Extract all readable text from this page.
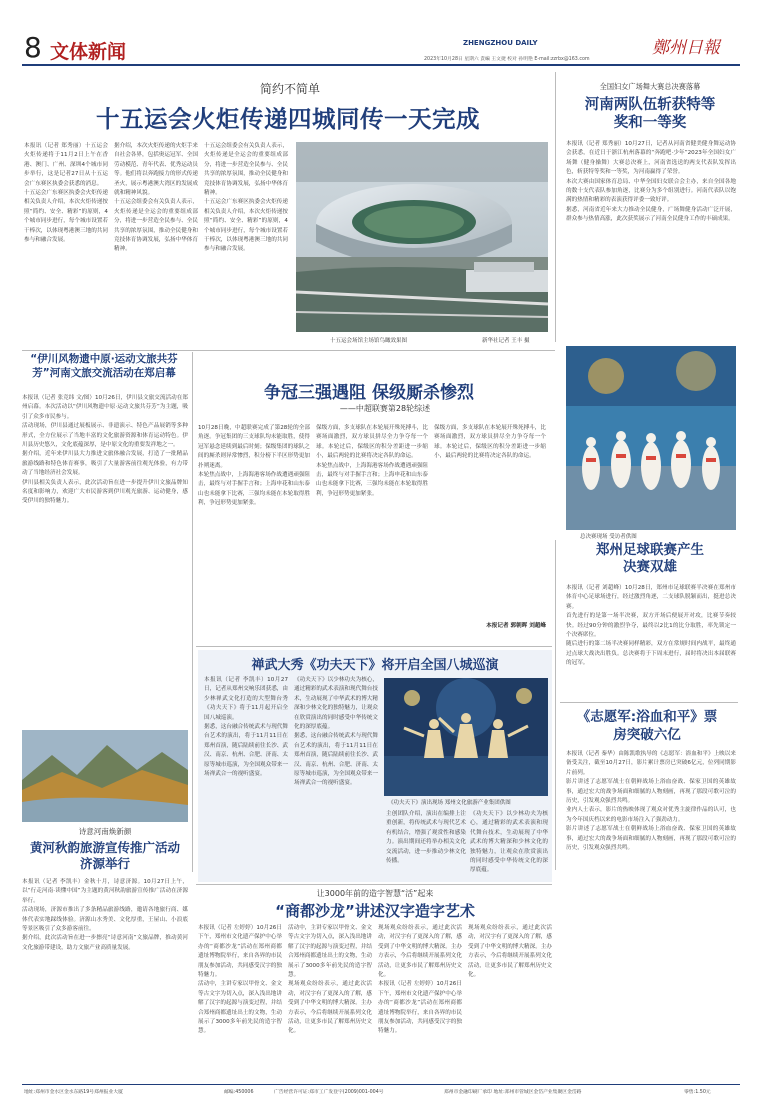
8 文体新闻	ZHENGZHOU DAILY	鄭州日報
2023年10月28日 星期六 責編 王文捷 校对 孙明艳 E-mail:zzrbx@163.com
简约不简单
十五运会火炬传递四城同传一天完成

本报讯（记者 郑秀丽）十五运会火炬传递将于11月2日上午在香港、澳门、广州、深圳4个城市同步举行，这是记者27日从十五运会广东赛区执委会获悉的消息。

十五运会广东赛区执委会火炬传递相关负责人介绍，本次火炬传递按照“简约、安全、精彩”的原则，4个城市同步进行，每个城市设置若干棒次，以体现粤港澳三地的共同参与和融合发展。

据介绍，本次火炬传递的火炬手来自社会各界，包括奥运冠军、全国劳动模范、青年代表、优秀运动员等。他们将以奔跑接力的形式传递圣火，展示粤港澳大湾区的发展成就和精神风貌。

十五运会组委会有关负责人表示，火炬传递是全运会的重要组成部分，将进一步营造全民参与、全民共享的浓厚氛围，推动全民健身和竞技体育协调发展，弘扬中华体育精神。

十五运会组委会有关负责人表示，火炬传递是全运会的重要组成部分，将进一步营造全民参与、全民共享的浓厚氛围，推动全民健身和竞技体育协调发展，弘扬中华体育精神。

十五运会广东赛区执委会火炬传递相关负责人介绍，本次火炬传递按照“简约、安全、精彩”的原则，4个城市同步进行，每个城市设置若干棒次，以体现粤港澳三地的共同参与和融合发展。

十五运会场馆主场馆鸟瞰效果图	新华社记者 王丰 摄
全国妇女广场舞大赛总决赛落幕
河南两队伍斩获特等奖和一等奖

本报讯（记者 郑秀丽）10月27日，记者从河南省健美健身舞运动协会获悉，在近日于浙江杭州落幕的“奔跑吧·少年”2023年全国妇女广场舞（健身操舞）大赛总决赛上，河南省选送的两支代表队发挥出色，斩获特等奖和一等奖，为河南赢得了荣誉。

本次大赛由国家体育总局、中华全国妇女联合会主办，来自全国各地的数十支代表队参加角逐，比赛分为多个组别进行。河南代表队以饱满的热情和精彩的表演获得评委一致好评。

据悉，河南省近年来大力推动全民健身，广场舞健身活动广泛开展，群众参与热情高涨，此次获奖展示了河南全民健身工作的丰硕成果。

总决赛现场 受访者供图
“伊川风物遗中原·运动文旅共芬芳”河南文旅交流活动在郑启幕

本报讯（记者 张竞纬 文/图）10月26日，伊川县文旅交流活动在郑州启幕。本次活动以“伊川风物遗中原·运动文旅共芬芳”为主题，吸引了众多市民参与。

活动现场，伊川县通过展板展示、非遗演示、特色产品展销等多种形式，全方位展示了当地丰富的文化旅游资源和体育运动特色。伊川县历史悠久，文化底蕴深厚，是中原文化的重要发祥地之一。

据介绍，近年来伊川县大力推进文旅体融合发展，打造了一批精品旅游线路和特色体育赛事，吸引了大量游客前往观光体验，有力带动了当地经济社会发展。

伊川县相关负责人表示，此次活动旨在进一步提升伊川文旅品牌知名度和影响力，欢迎广大市民游客到伊川观光旅游、运动健身，感受伊川的独特魅力。

争冠三强遇阻 保级厮杀惨烈
——中超联赛第28轮综述

10月28日晚，中超联赛完成了第28轮的全部角逐。争冠集团的三支球队均未能取胜，使得冠军悬念延续到最后时刻；保级集团的球队之间的厮杀则异常惨烈，积分榜下半区形势更加扑朔迷离。

本轮焦点战中，上海海港客场作战遭遇顽强阻击，最终与对手握手言和；上海申花和山东泰山也未能拿下比赛，三强均未能在本轮取得胜利，争冠形势更加紧张。

保级方面，多支球队在本轮展开殊死搏斗，比赛场面激烈，双方球员拼尽全力争夺每一个球。本轮过后，保级区的积分差距进一步缩小，最后两轮的比赛将决定各队的命运。

本轮焦点战中，上海海港客场作战遭遇顽强阻击，最终与对手握手言和；上海申花和山东泰山也未能拿下比赛，三强均未能在本轮取得胜利，争冠形势更加紧张。

保级方面，多支球队在本轮展开殊死搏斗，比赛场面激烈，双方球员拼尽全力争夺每一个球。本轮过后，保级区的积分差距进一步缩小，最后两轮的比赛将决定各队的命运。

本报记者 郭朝晖 刘超峰
郑州足球联赛产生决赛双雄

本报讯（记者 刘超峰）10月28日，郑州市足球联赛半决赛在郑州市体育中心足球场进行，经过激烈角逐，二支球队脱颖而出，挺进总决赛。

首先进行的是第一场半决赛，双方开场后便展开对攻，比赛节奏较快。经过90分钟的激烈争夺，最终以2比1的比分取胜，率先锁定一个决赛席位。

随后进行的第二场半决赛同样精彩，双方在常规时间内战平，最终通过点球大战决出胜负。总决赛将于下周末进行，届时将决出本届联赛的冠军。

禅武大秀《功夫天下》将开启全国八城巡演

本报讯（记者 李凯丰）10月27日，记者从郑州交响乐团获悉，由少林禅武文化打造的大型舞台秀《功夫天下》将于11月起开启全国八城巡演。

据悉，这台融合传统武术与现代舞台艺术的演出，将于11月11日在郑州首演，随后陆续前往长沙、武汉、南京、杭州、合肥、济南、太原等城市巡演，为全国观众带来一场禅武合一的视听盛宴。

《功夫天下》以少林功夫为核心，通过精彩的武术表演和现代舞台技术，生动展现了中华武术的博大精深和少林文化的独特魅力，让观众在欣赏演出的同时感受中华传统文化的深厚底蕴。

据悉，这台融合传统武术与现代舞台艺术的演出，将于11月11日在郑州首演，随后陆续前往长沙、武汉、南京、杭州、合肥、济南、太原等城市巡演，为全国观众带来一场禅武合一的视听盛宴。

《功夫天下》演出现场 郑州文化旅游产业集团供图

主创团队介绍，演出在编排上注重创新，将传统武术与现代艺术有机结合，增强了观赏性和感染力。演出期间还将举办相关文化交流活动，进一步推动少林文化传播。

《功夫天下》以少林功夫为核心，通过精彩的武术表演和现代舞台技术，生动展现了中华武术的博大精深和少林文化的独特魅力，让观众在欣赏演出的同时感受中华传统文化的深厚底蕴。

《志愿军:浴血和平》票房突破六亿

本报讯（记者 秦华）由陈凯歌执导的《志愿军：浴血和平》上映以来备受关注，截至10月27日，影片累计票房已突破6亿元，位列同期影片前列。

影片讲述了志愿军战士在朝鲜战场上浴血奋战、保家卫国的英雄故事，通过宏大的战争场面和细腻的人物刻画，再现了那段可歌可泣的历史，引发观众强烈共鸣。

业内人士表示，影片的热映体现了观众对优秀主旋律作品的认可，也为今年国庆档以来的电影市场注入了强劲动力。

影片讲述了志愿军战士在朝鲜战场上浴血奋战、保家卫国的英雄故事，通过宏大的战争场面和细腻的人物刻画，再现了那段可歌可泣的历史，引发观众强烈共鸣。

诗意河南焕新颜
黄河秋韵旅游宣传推广活动济源举行

本报讯（记者 李凯丰）金秋十月，诗意济源。10月27日上午，以“行走河南·读懂中国”为主题的黄河秋韵旅游宣传推广活动在济源举行。

活动现场，济源市推出了多条精品旅游线路，邀请各地旅行商、媒体代表实地踩线体验。济源山水秀美、文化厚重，王屋山、小浪底等景区吸引了众多游客前往。

据介绍，此次活动旨在进一步擦亮“诗意河南”文旅品牌，推动黄河文化旅游带建设，助力文旅产业高质量发展。

让3000年前的造字智慧“活”起来
“商都沙龙”讲述汉字造字艺术

本报讯（记者 左婷婷）10月26日下午，郑州市文化遗产保护中心举办的“商都沙龙”活动在郑州商都遗址博物院举行，来自各界的市民朋友参加活动，共同感受汉字的独特魅力。

活动中，主讲专家以甲骨文、金文等古文字为切入点，深入浅出地讲解了汉字的起源与演变过程，并结合郑州商都遗址出土的文物，生动展示了3000多年前先民的造字智慧。

活动中，主讲专家以甲骨文、金文等古文字为切入点，深入浅出地讲解了汉字的起源与演变过程，并结合郑州商都遗址出土的文物，生动展示了3000多年前先民的造字智慧。

现场观众纷纷表示，通过此次活动，对汉字有了更深入的了解，感受到了中华文明的博大精深。主办方表示，今后将继续开展系列文化活动，让更多市民了解郑州历史文化。

现场观众纷纷表示，通过此次活动，对汉字有了更深入的了解，感受到了中华文明的博大精深。主办方表示，今后将继续开展系列文化活动，让更多市民了解郑州历史文化。

本报讯（记者 左婷婷）10月26日下午，郑州市文化遗产保护中心举办的“商都沙龙”活动在郑州商都遗址博物院举行，来自各界的市民朋友参加活动，共同感受汉字的独特魅力。

现场观众纷纷表示，通过此次活动，对汉字有了更深入的了解，感受到了中华文明的博大精深。主办方表示，今后将继续开展系列文化活动，让更多市民了解郑州历史文化。

地址:郑州市金水区金水东路19号郑州报业大厦	邮编:450006	广告经营许可证:郑市工广发登字(2009)001-004号	郑州市金融印刷厂承印 地址:郑州市管城区金岱产业集聚区金岱路	零售:1.50元
